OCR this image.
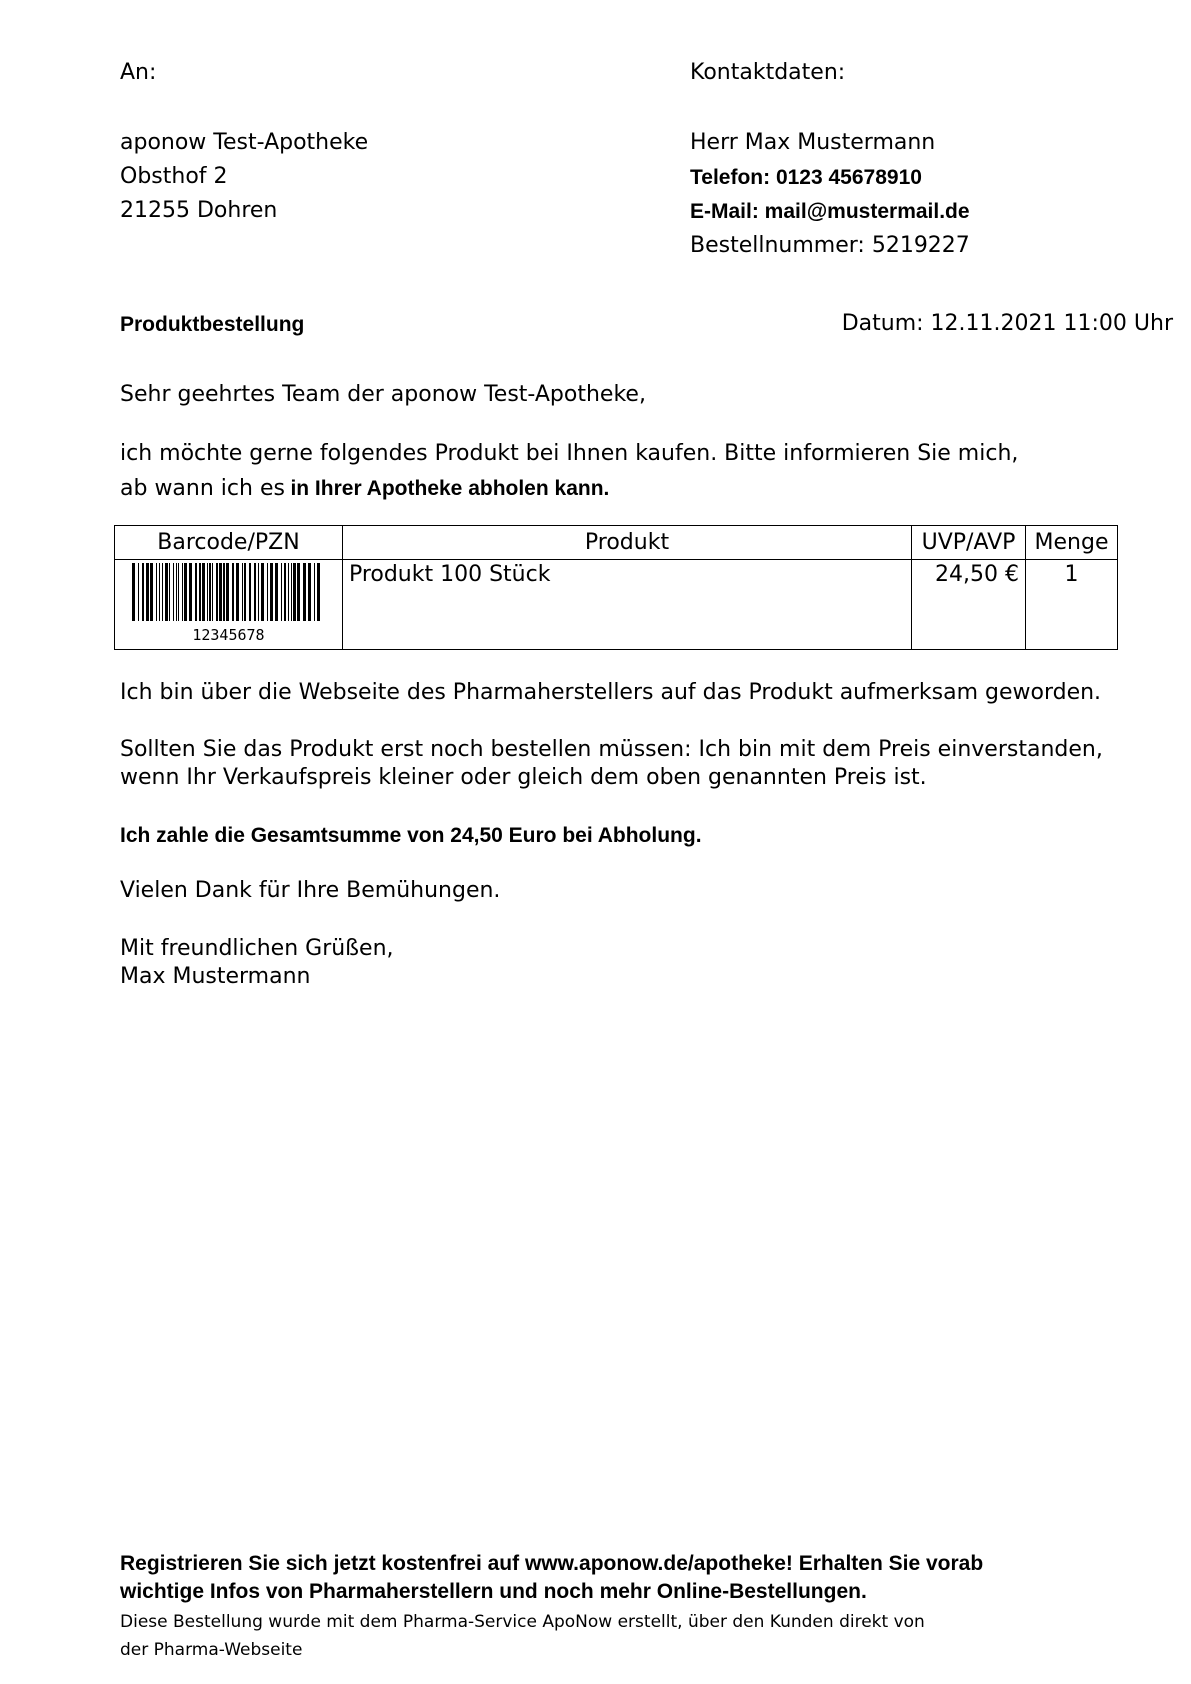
An:
aponow Test-Apotheke
Obsthof 2
21255 Dohren
Kontaktdaten:
Herr Max Mustermann
Telefon: 0123 45678910
E-Mail: mail@mustermail.de
Bestellnummer: 5219227
Produktbestellung	Datum: 12.11.2021 11:00 Uhr
Sehr geehrtes Team der aponow Test-Apotheke,
ich möchte gerne folgendes Produkt bei Ihnen kaufen. Bitte informieren Sie mich,
ab wann ich es in Ihrer Apotheke abholen kann.
Barcode/PZN	Produkt	UVP/AVP	Menge

12345678	Produkt 100 Stück	24,50 €	1
Ich bin über die Webseite des Pharmaherstellers auf das Produkt aufmerksam geworden.
Sollten Sie das Produkt erst noch bestellen müssen: Ich bin mit dem Preis einverstanden,
wenn Ihr Verkaufspreis kleiner oder gleich dem oben genannten Preis ist.
Ich zahle die Gesamtsumme von 24,50 Euro bei Abholung.
Vielen Dank für Ihre Bemühungen.
Mit freundlichen Grüßen,
Max Mustermann
Registrieren Sie sich jetzt kostenfrei auf www.aponow.de/apotheke! Erhalten Sie vorab
wichtige Infos von Pharmaherstellern und noch mehr Online-Bestellungen.
Diese Bestellung wurde mit dem Pharma-Service ApoNow erstellt, über den Kunden direkt von
der Pharma-Webseite
